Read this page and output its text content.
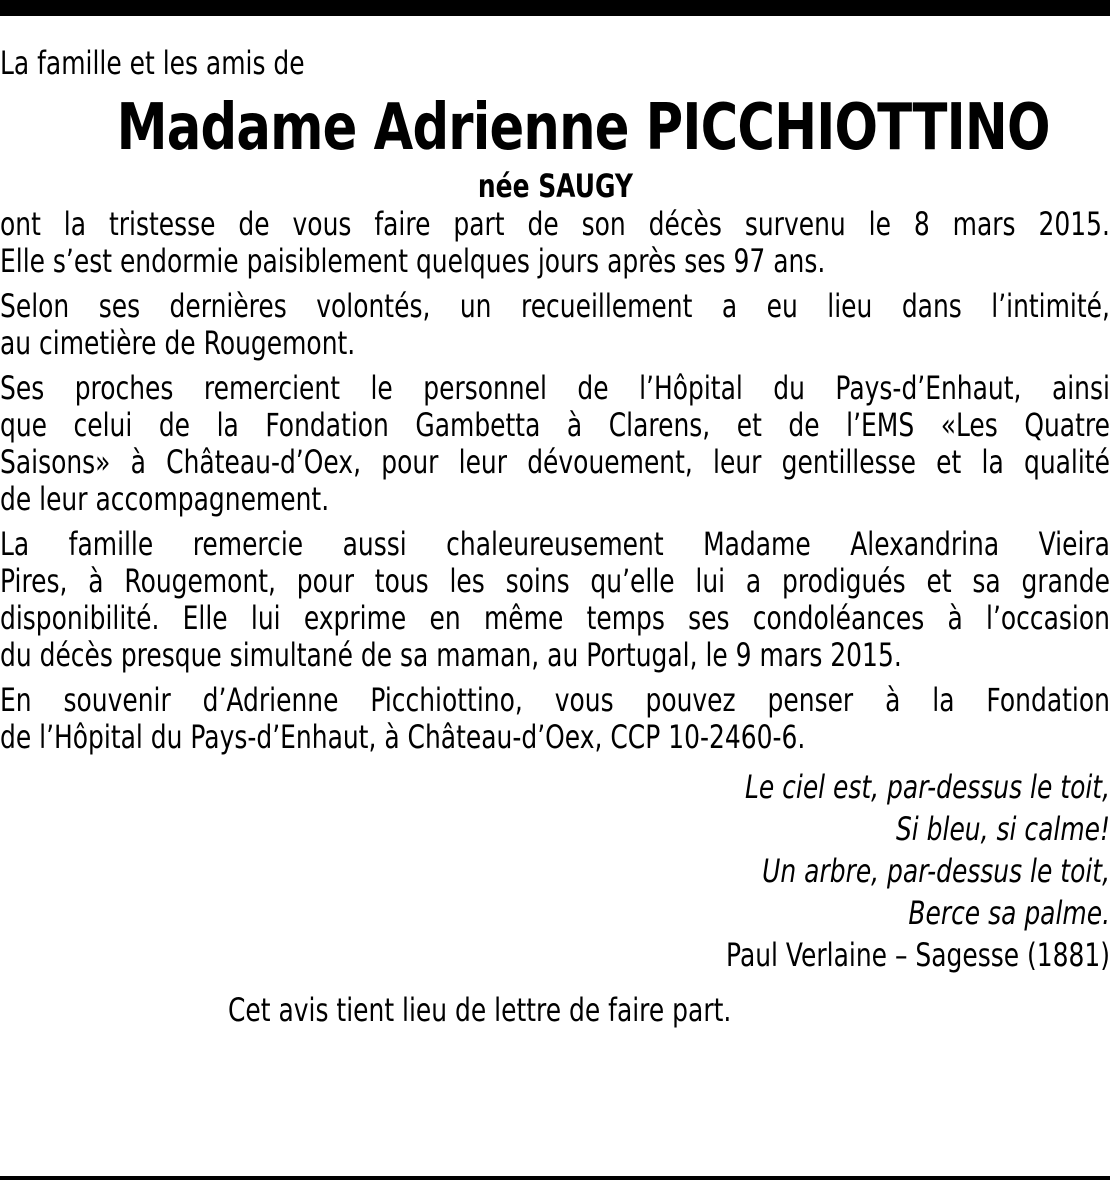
La famille et les amis de
Madame Adrienne PICCHIOTTINO
née SAUGY

ont la tristesse de vous faire part de son décès survenu le 8 mars 2015.
Elle s’est endormie paisiblement quelques jours après ses 97 ans.

Selon ses dernières volontés, un recueillement a eu lieu dans l’intimité,
au cimetière de Rougemont.

Ses proches remercient le personnel de l’Hôpital du Pays-d’Enhaut, ainsi
que celui de la Fondation Gambetta à Clarens, et de l’EMS «Les Quatre
Saisons» à Château-d’Oex, pour leur dévouement, leur gentillesse et la qualité
de leur accompagnement.

La famille remercie aussi chaleureusement Madame Alexandrina Vieira
Pires, à Rougemont, pour tous les soins qu’elle lui a prodigués et sa grande
disponibilité. Elle lui exprime en même temps ses condoléances à l’occasion
du décès presque simultané de sa maman, au Portugal, le 9 mars 2015.

En souvenir d’Adrienne Picchiottino, vous pouvez penser à la Fondation
de l’Hôpital du Pays-d’Enhaut, à Château-d’Oex, CCP 10-2460-6.

Le ciel est, par-dessus le toit,
Si bleu, si calme!
Un arbre, par-dessus le toit,
Berce sa palme.
Paul Verlaine – Sagesse (1881)
Cet avis tient lieu de lettre de faire part.
